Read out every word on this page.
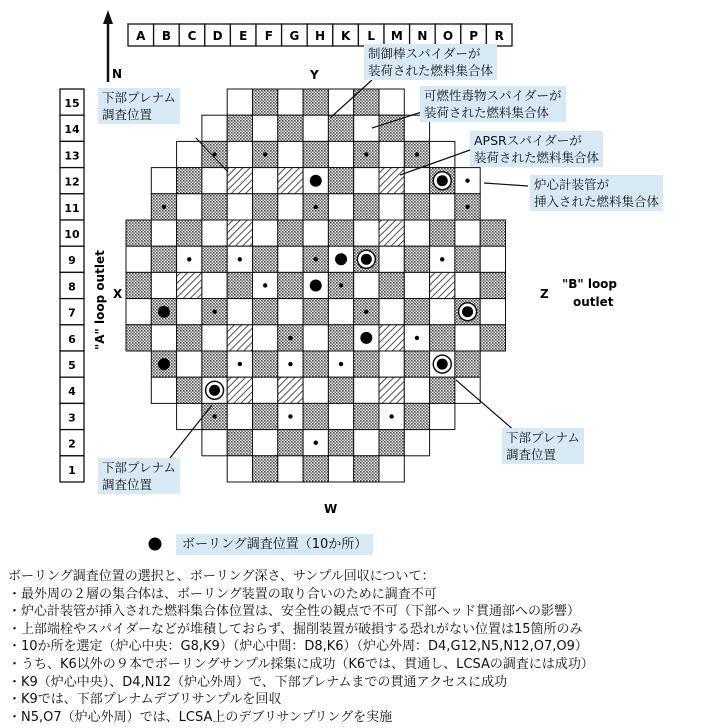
N
A B C D E F G H K L M N O P R
15
14
13
12
11
10
9
8
7
6
5
4
3
2
1
Y
W
X	Z
"A" loop outlet	"B" loop
outlet
下部プレナム
調査位置
制御棒スパイダーが
装荷された燃料集合体
可燃性毒物スパイダーが
装荷された燃料集合体
APSRスパイダーが
装荷された燃料集合体
炉心計装管が
挿入された燃料集合体
下部プレナム
調査位置
下部プレナム
調査位置
ボーリング調査位置（10か所）
ボーリング調査位置の選択と、ボーリング深さ、サンプル回収について：
・最外周の２層の集合体は、ボーリング装置の取り合いのために調査不可
・炉心計装管が挿入された燃料集合体位置は、安全性の観点で不可（下部ヘッド貫通部への影響）
・上部端栓やスパイダーなどが堆積しておらず、掘削装置が破損する恐れがない位置は15箇所のみ
・10か所を選定（炉心中央：G8,K9）（炉心中間：D8,K6）（炉心外周：D4,G12,N5,N12,O7,O9）
・うち、K6以外の９本でボーリングサンプル採集に成功（K6では、貫通し、LCSAの調査には成功）
・K9（炉心中央）、D4,N12（炉心外周）で、下部プレナムまでの貫通アクセスに成功
・K9では、下部プレナムデブリサンプルを回収
・N5,O7（炉心外周）では、LCSA上のデブリサンプリングを実施
